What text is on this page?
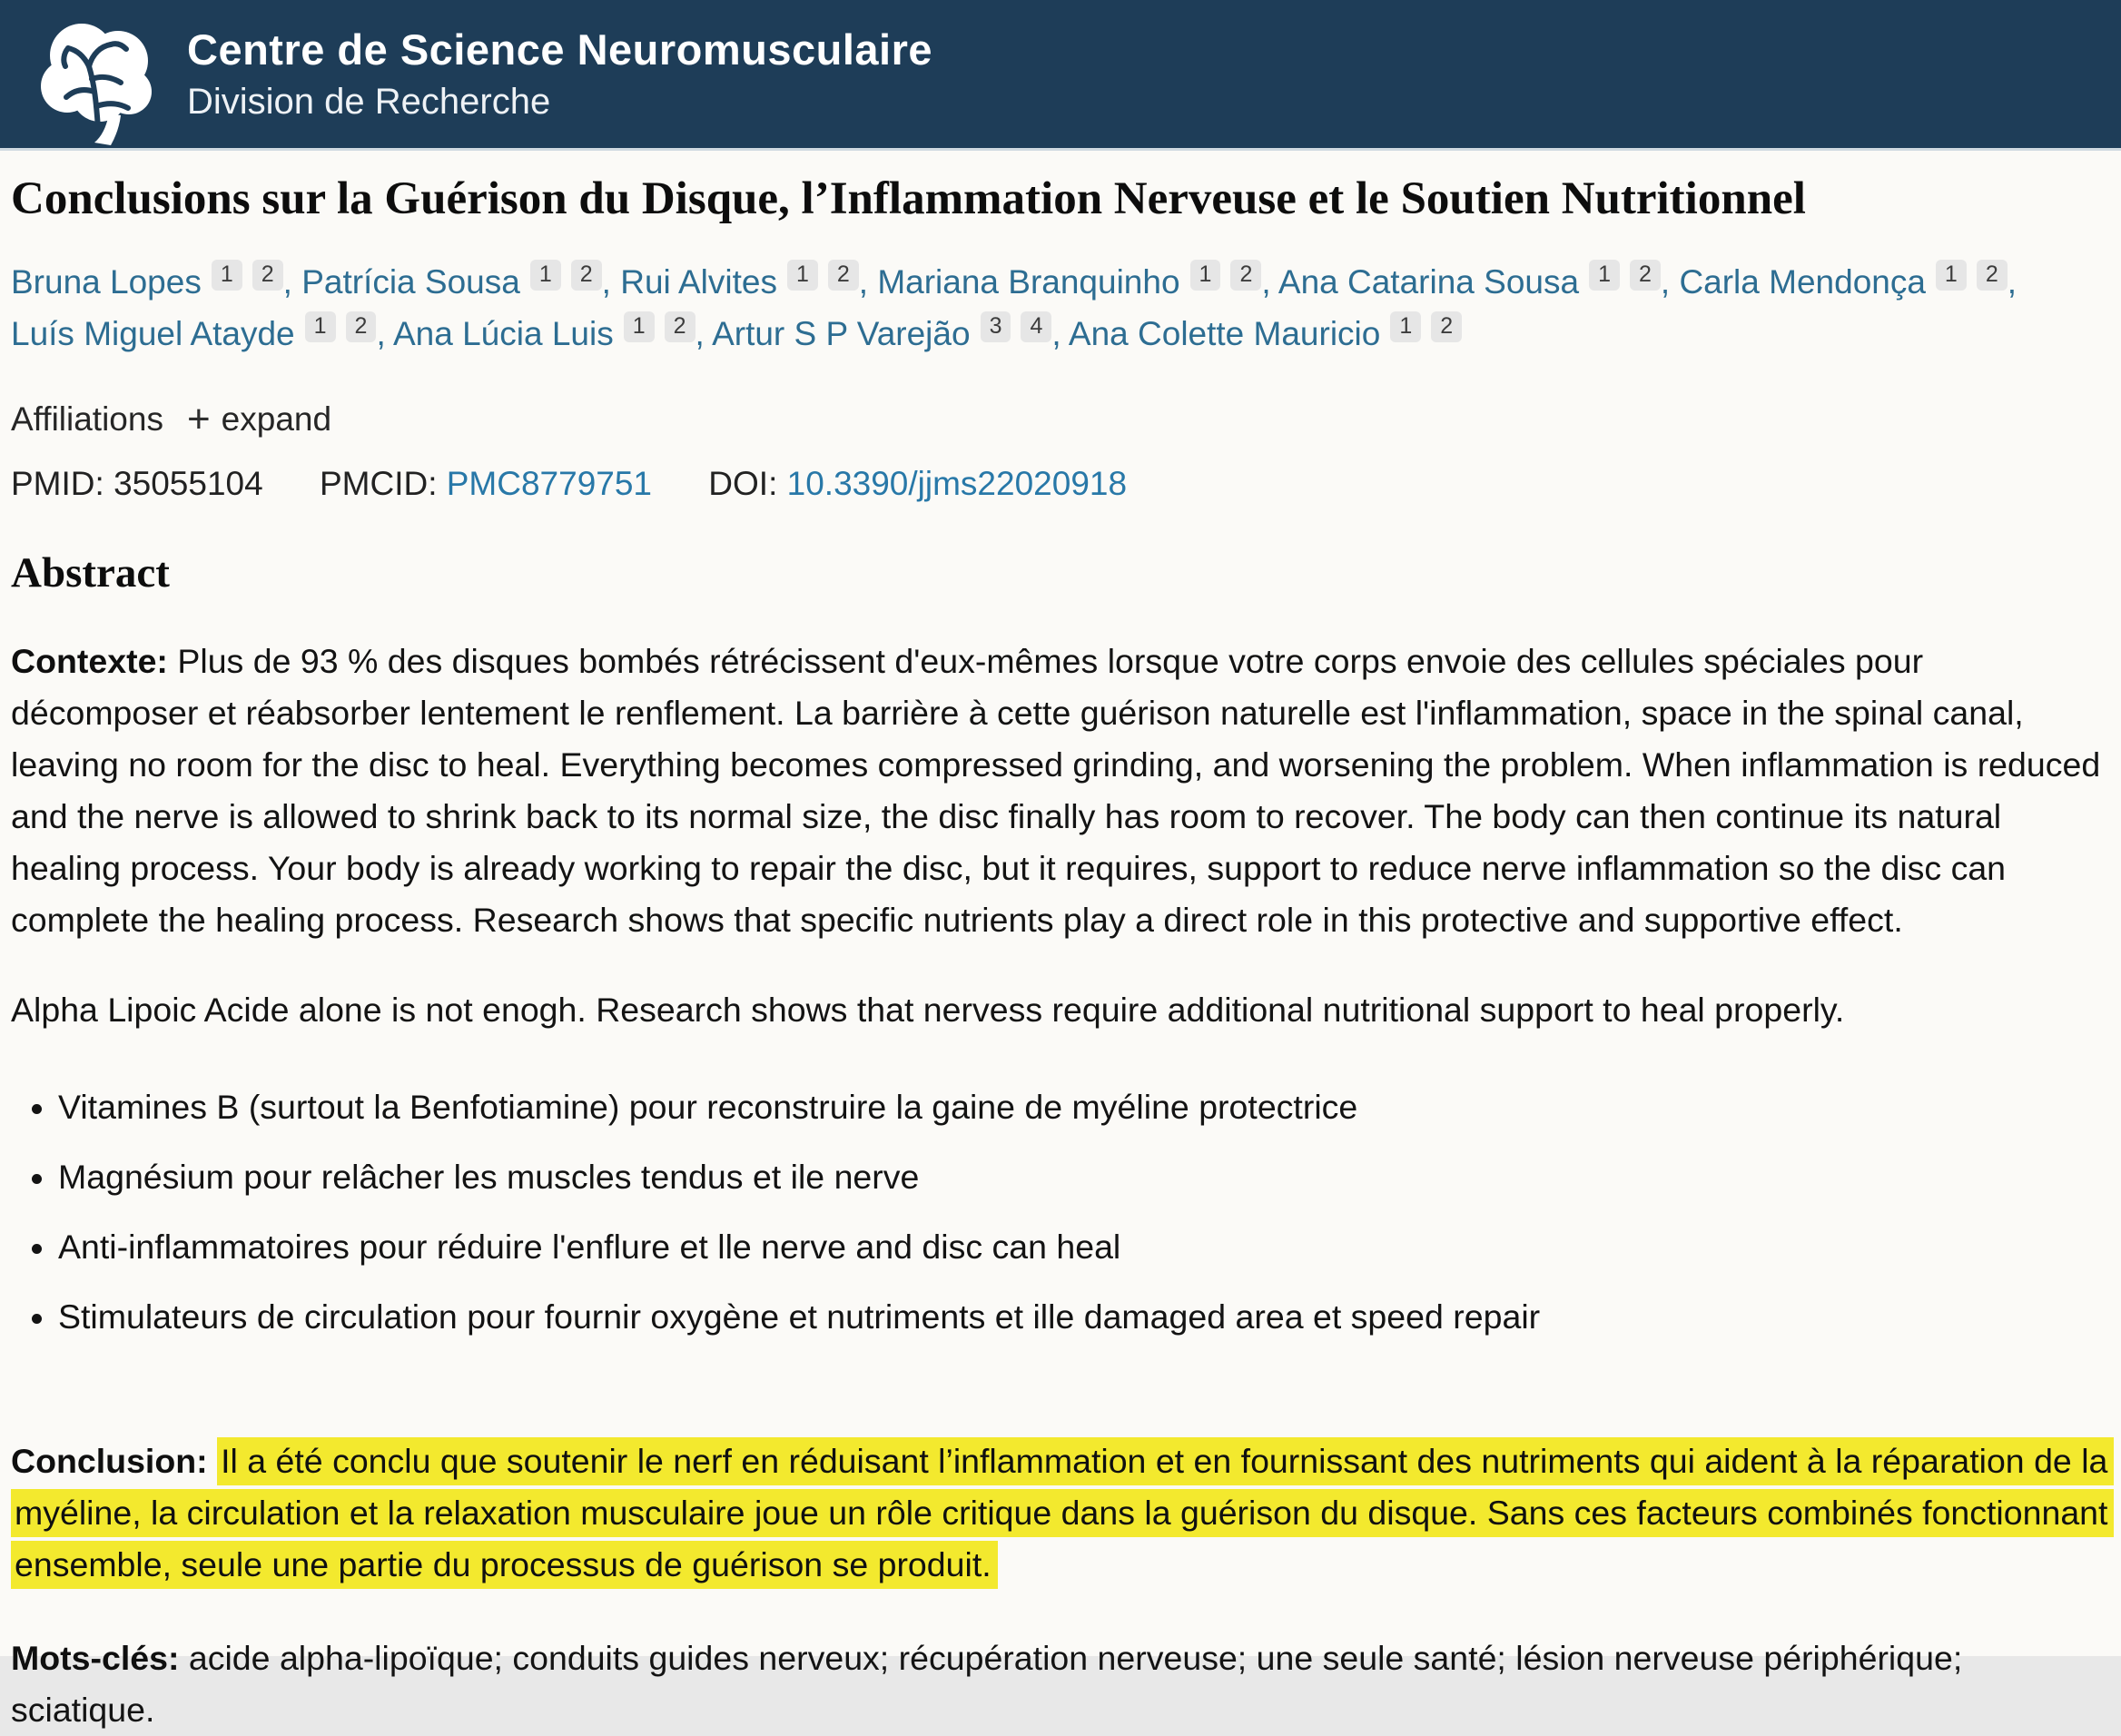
Centre de Science Neuromusculaire
Division de Recherche
Conclusions sur la Guérison du Disque, l’Inflammation Nerveuse et le Soutien Nutritionnel
Bruna Lopes 1 2 , Patrícia Sousa 1 2 , Rui Alvites 1 2 , Mariana Branquinho 1 2 , Ana Catarina Sousa 1 2 , Carla Mendonça 1 2 , Luís Miguel Atayde 1 2 , Ana Lúcia Luis 1 2 , Artur S P Varejão 3 4 , Ana Colette Mauricio 1 2
Affiliations + expand
PMID: 35055104 PMCID: PMC8779751 DOI: 10.3390/jjms22020918
Abstract

Contexte: Plus de 93 % des disques bombés rétrécissent d'eux-mêmes lorsque votre corps envoie des cellules spéciales pour décomposer et réabsorber lentement le renflement. La barrière à cette guérison naturelle est l'inflammation, space in the spinal canal, leaving no room for the disc to heal. Everything becomes compressed grinding, and worsening the problem. When inflammation is reduced and the nerve is allowed to shrink back to its normal size, the disc finally has room to recover. The body can then continue its natural healing process. Your body is already working to repair the disc, but it requires, support to reduce nerve inflammation so the disc can complete the healing process. Research shows that specific nutrients play a direct role in this protective and supportive effect.

Alpha Lipoic Acide alone is not enogh. Research shows that nervess require additional nutritional support to heal properly.

• Vitamines B (surtout la Benfotiamine) pour reconstruire la gaine de myéline protectrice
• Magnésium pour relâcher les muscles tendus et ile nerve
• Anti-inflammatoires pour réduire l'enflure et lle nerve and disc can heal
• Stimulateurs de circulation pour fournir oxygène et nutriments et ille damaged area et speed repair

Conclusion: Il a été conclu que soutenir le nerf en réduisant l’inflammation et en fournissant des nutriments qui aident à la réparation de la myéline, la circulation et la relaxation musculaire joue un rôle critique dans la guérison du disque. Sans ces facteurs combinés fonctionnant ensemble, seule une partie du processus de guérison se produit.

Mots-clés: acide alpha-lipoïque; conduits guides nerveux; récupération nerveuse; une seule santé; lésion nerveuse périphérique; sciatique.
